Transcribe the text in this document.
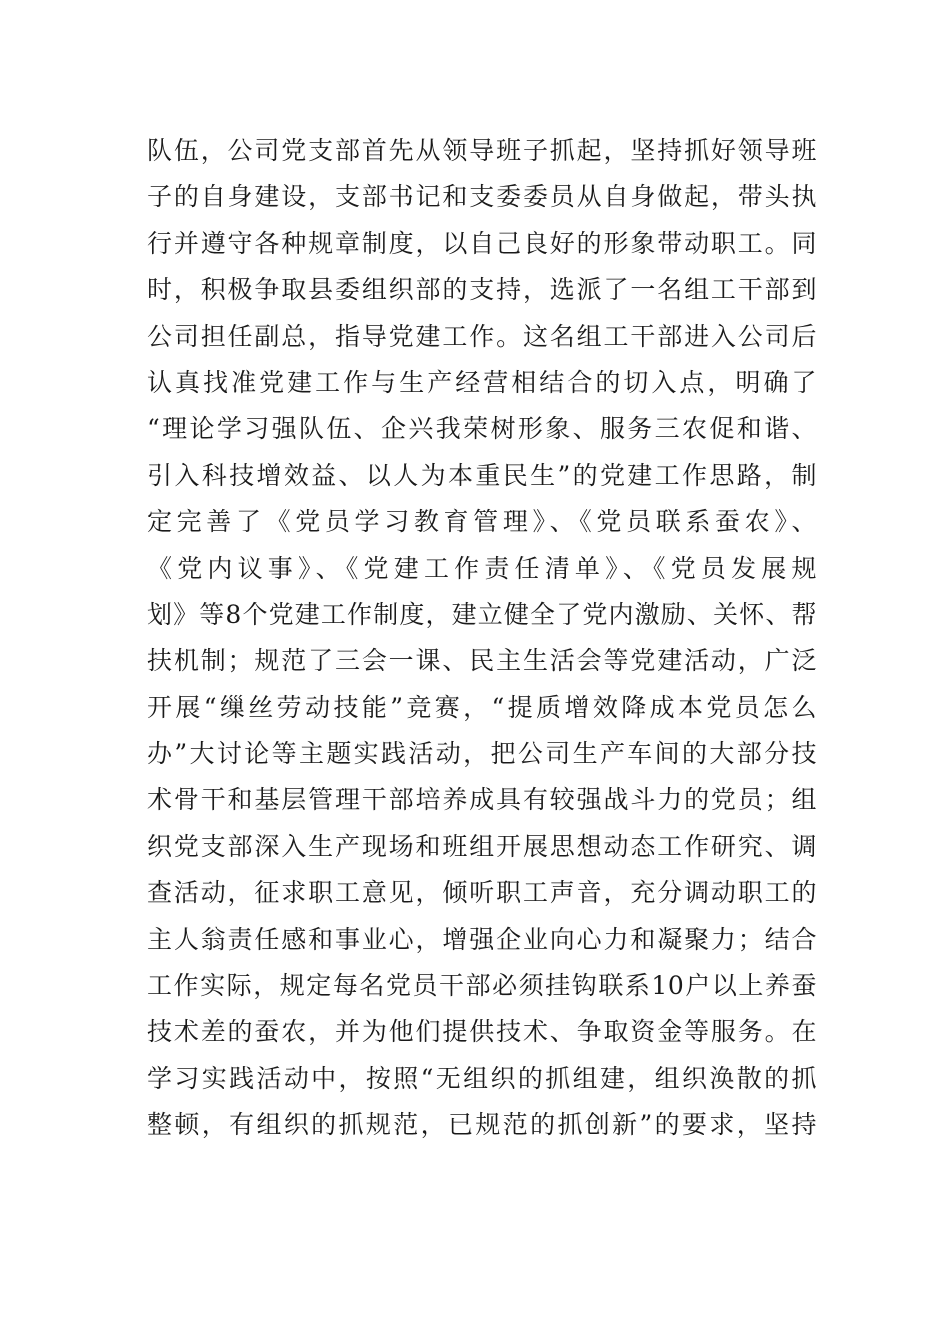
队伍，公司党支部首先从领导班子抓起，坚持抓好领导班
子的自身建设，支部书记和支委委员从自身做起，带头执
行并遵守各种规章制度，以自己良好的形象带动职工。同
时，积极争取县委组织部的支持，选派了一名组工干部到
公司担任副总，指导党建工作。这名组工干部进入公司后
认真找准党建工作与生产经营相结合的切入点，明确了
“理论学习强队伍、企兴我荣树形象、服务三农促和谐、
引入科技增效益、以人为本重民生”的党建工作思路，制
定完善了《党员学习教育管理》、《党员联系蚕农》、
《党内议事》、《党建工作责任清单》、《党员发展规
划》等8个党建工作制度，建立健全了党内激励、关怀、帮
扶机制；规范了三会一课、民主生活会等党建活动，广泛
开展“缫丝劳动技能”竞赛，“提质增效降成本党员怎么
办”大讨论等主题实践活动，把公司生产车间的大部分技
术骨干和基层管理干部培养成具有较强战斗力的党员；组
织党支部深入生产现场和班组开展思想动态工作研究、调
查活动，征求职工意见，倾听职工声音，充分调动职工的
主人翁责任感和事业心，增强企业向心力和凝聚力；结合
工作实际，规定每名党员干部必须挂钩联系10户以上养蚕
技术差的蚕农，并为他们提供技术、争取资金等服务。在
学习实践活动中，按照“无组织的抓组建，组织涣散的抓
整顿，有组织的抓规范，已规范的抓创新”的要求，坚持
